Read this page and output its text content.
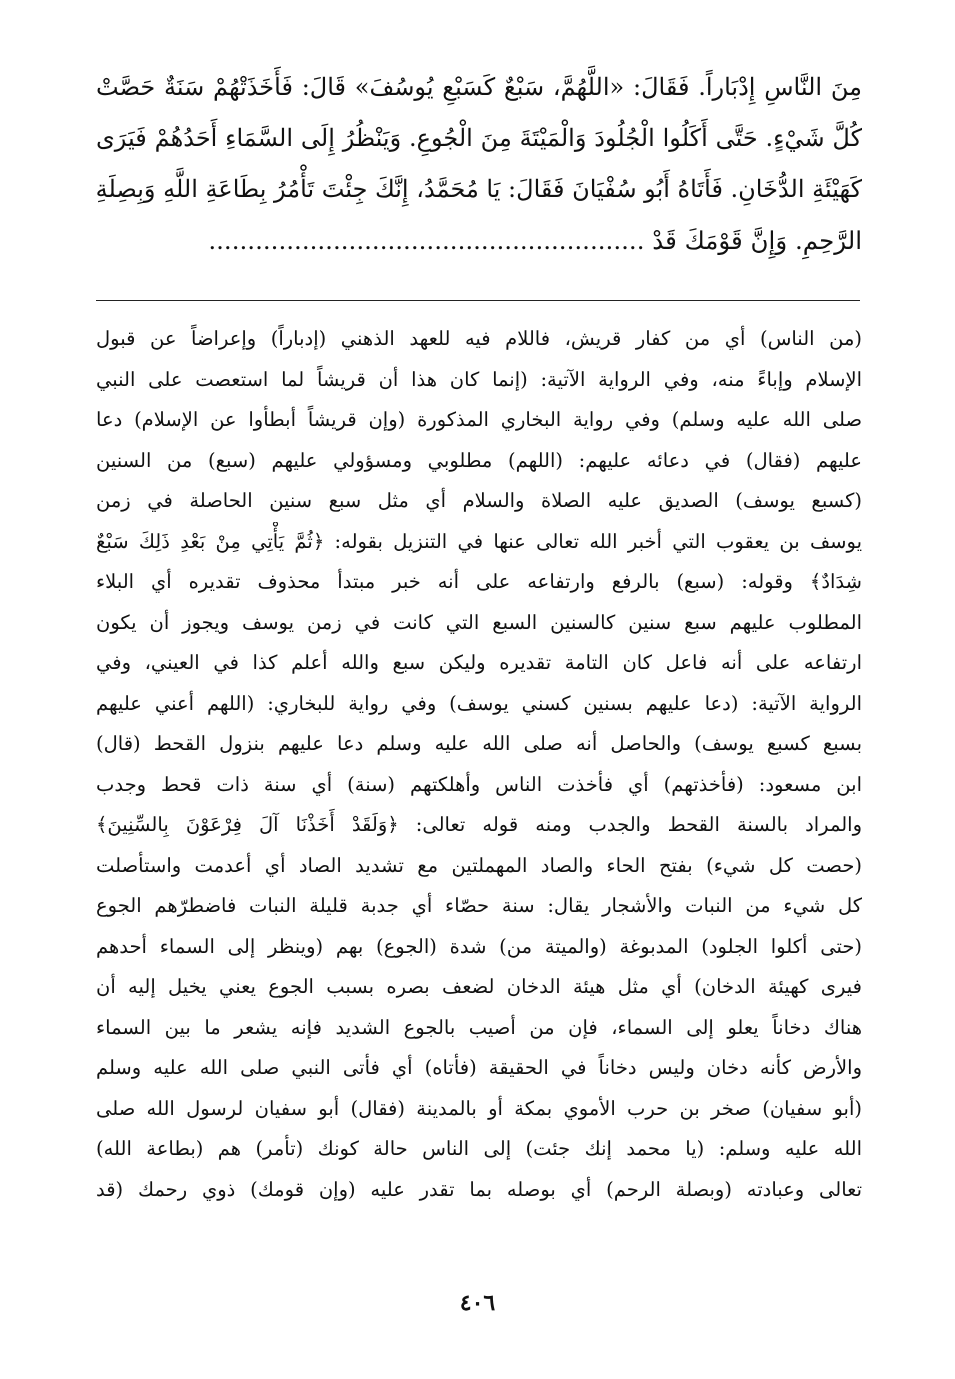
مِنَ النَّاسِ إِدْبَاراً. فَقَالَ: «اللَّهُمَّ، سَبْعٌ كَسَبْعِ يُوسُفَ» قَالَ: فَأَخَذَتْهُمْ سَنَةٌ حَصَّتْ
كُلَّ شَيْءٍ. حَتَّى أَكَلُوا الْجُلُودَ وَالْمَيْتَةَ مِنَ الْجُوعِ. وَيَنْظُرُ إِلَى السَّمَاءِ أَحَدُهُمْ فَيَرَى
كَهَيْئَةِ الدُّخَانِ. فَأَتَاهُ أَبُو سُفْيَانَ فَقَالَ: يَا مُحَمَّدُ، إِنَّكَ جِئْتَ تَأْمُرُ بِطَاعَةِ اللَّهِ وَبِصِلَةِ
الرَّحِمِ. وَإِنَّ قَوْمَكَ قَدْ ........................................................
(من الناس) أي من كفار قريش، فاللام فيه للعهد الذهني (إدباراً) وإعراضاً عن قبول
الإسلام وإباءً منه، وفي الرواية الآتية: (إنما كان هذا أن قريشاً لما استعصت على النبي
صلى الله عليه وسلم) وفي رواية البخاري المذكورة (وإن قريشاً أبطأوا عن الإسلام) دعا
عليهم (فقال) في دعائه عليهم: (اللهم) مطلوبي ومسؤولي عليهم (سبع) من السنين
(كسبع يوسف) الصديق عليه الصلاة والسلام أي مثل سبع سنين الحاصلة في زمن
يوسف بن يعقوب التي أخبر الله تعالى عنها في التنزيل بقوله: ﴿ثُمَّ يَأْتِي مِنْ بَعْدِ ذَلِكَ سَبْعٌ
شِدَادٌ﴾ وقوله: (سبع) بالرفع وارتفاعه على أنه خبر مبتدأ محذوف تقديره أي البلاء
المطلوب عليهم سبع سنين كالسنين السبع التي كانت في زمن يوسف ويجوز أن يكون
ارتفاعه على أنه فاعل كان التامة تقديره وليكن سبع والله أعلم كذا في العيني، وفي
الرواية الآتية: (دعا عليهم بسنين كسني يوسف) وفي رواية للبخاري: (اللهم أعني عليهم
بسبع كسبع يوسف) والحاصل أنه صلى الله عليه وسلم دعا عليهم بنزول القحط (قال)
ابن مسعود: (فأخذتهم) أي فأخذت الناس وأهلكتهم (سنة) أي سنة ذات قحط وجدب
والمراد بالسنة القحط والجدب ومنه قوله تعالى: ﴿وَلَقَدْ أَخَذْنَا آلَ فِرْعَوْنَ بِالسِّنِينَ﴾
(حصت كل شيء) بفتح الحاء والصاد المهملتين مع تشديد الصاد أي أعدمت واستأصلت
كل شيء من النبات والأشجار يقال: سنة حصّاء أي جدبة قليلة النبات فاضطرّهم الجوع
(حتى أكلوا الجلود) المدبوغة (والميتة من) شدة (الجوع) بهم (وينظر إلى السماء أحدهم
فيرى كهيئة الدخان) أي مثل هيئة الدخان لضعف بصره بسبب الجوع يعني يخيل إليه أن
هناك دخاناً يعلو إلى السماء، فإن من أصيب بالجوع الشديد فإنه يشعر ما بين السماء
والأرض كأنه دخان وليس دخاناً في الحقيقة (فأتاه) أي فأتى النبي صلى الله عليه وسلم
(أبو سفيان) صخر بن حرب الأموي بمكة أو بالمدينة (فقال) أبو سفيان لرسول الله صلى
الله عليه وسلم: (يا محمد إنك جئت) إلى الناس حالة كونك (تأمر) هم (بطاعة الله)
تعالى وعبادته (وبصلة الرحم) أي بوصله بما تقدر عليه (وإن قومك) ذوي رحمك (قد
٤٠٦
